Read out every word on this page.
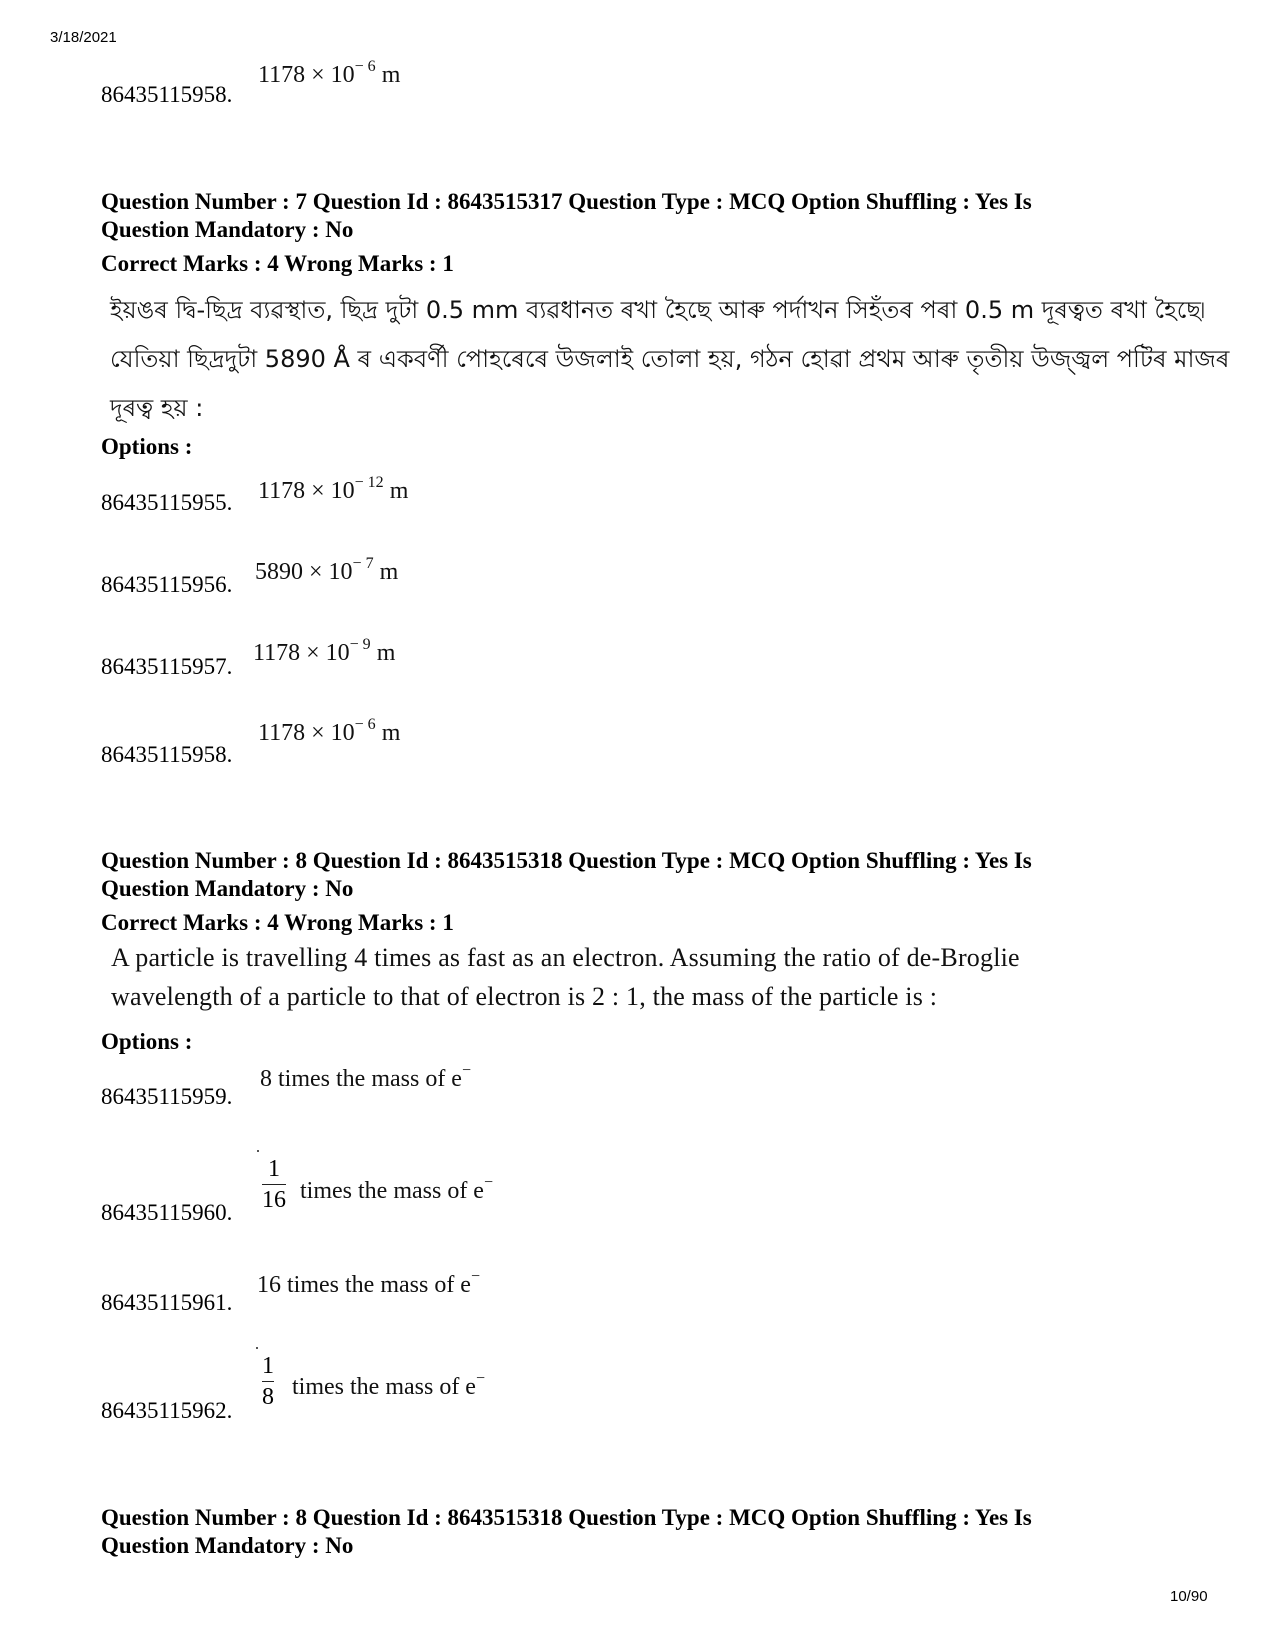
3/18/2021
86435115958.
$1178 \times 10^{- 6}$ m
Question Number : 7 Question Id : 8643515317 Question Type : MCQ Option Shuffling : Yes Is
Question Mandatory : No
Correct Marks : 4 Wrong Marks : 1
ইয়ঙৰ দ্বি-ছিদ্ৰ ব্যৱস্থাত, ছিদ্ৰ দুটা 0.5 mm ব্যৱধানত ৰখা হৈছে আৰু পৰ্দাখন সিহঁতৰ পৰা 0.5 m দূৰত্বত ৰখা হৈছে৷
যেতিয়া ছিদ্ৰদুটা 5890 Å ৰ একবৰ্ণী পোহৰেৰে উজলাই তোলা হয়, গঠন হোৱা প্ৰথম আৰু তৃতীয় উজ্জ্বল পটিৰ মাজৰ
দূৰত্ব হয় :
Options :
86435115955. $1178 \times 10^{- 12}$ m
86435115956. $5890 \times 10^{- 7}$ m
86435115957.
$1178 \times 10^{- 9}$ m
86435115958.
$1178 \times 10^{- 6}$ m
Question Number : 8 Question Id : 8643515318 Question Type : MCQ Option Shuffling : Yes Is
Question Mandatory : No
Correct Marks : 4 Wrong Marks : 1
A particle is travelling 4 times as fast as an electron. Assuming the ratio of de-Broglie
wavelength of a particle to that of electron is 2 : 1, the mass of the particle is :
Options :
86435115959.
8 times the mass of e−
86435115960.
1
16 times the mass of e−
86435115961.
16 times the mass of e−
86435115962.
1
8 times the mass of e−
Question Number : 8 Question Id : 8643515318 Question Type : MCQ Option Shuffling : Yes Is
Question Mandatory : No
10/90
